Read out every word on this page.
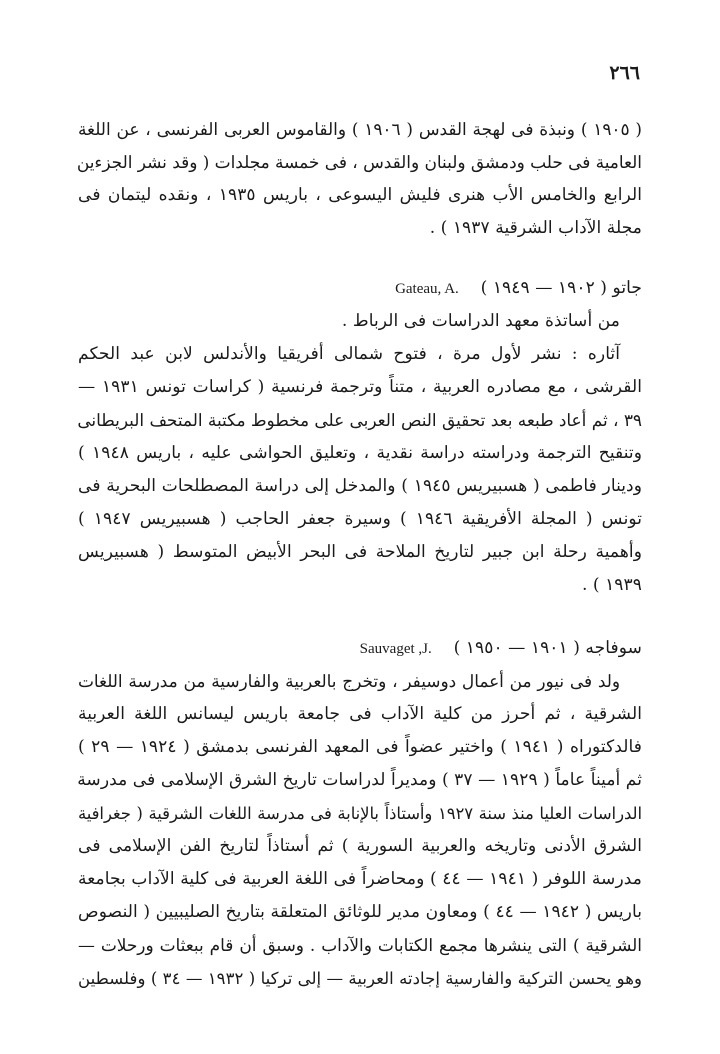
٢٦٦
( ١٩٠٥ ) ونبذة فى لهجة القدس ( ١٩٠٦ ) والقاموس العربى الفرنسى ، عن اللغة
العامية فى حلب ودمشق ولبنان والقدس ، فى خمسة مجلدات ( وقد نشر الجزءين
الرابع والخامس الأب هنرى فليش اليسوعى ، باريس ١٩٣٥ ، ونقده ليتمان فى
مجلة الآداب الشرقية ١٩٣٧ ) .
جاتو ( ١٩٠٢ — ١٩٤٩ )    Gateau, A.
من أساتذة معهد الدراسات فى الرباط .
آثاره : نشر لأول مرة ، فتوح شمالى أفريقيا والأندلس لابن عبد الحكم
القرشى ، مع مصادره العربية ، متناً وترجمة فرنسية ( كراسات تونس ١٩٣١ —
٣٩ ، ثم أعاد طبعه بعد تحقيق النص العربى على مخطوط مكتبة المتحف البريطانى
وتنقيح الترجمة ودراسته دراسة نقدية ، وتعليق الحواشى عليه ، باريس ١٩٤٨ )
ودينار فاطمى ( هسبيريس ١٩٤٥ ) والمدخل إلى دراسة المصطلحات البحرية فى
تونس ( المجلة الأفريقية ١٩٤٦ ) وسيرة جعفر الحاجب ( هسبيريس ١٩٤٧ )
وأهمية رحلة ابن جبير لتاريخ الملاحة فى البحر الأبيض المتوسط ( هسبيريس
١٩٣٩ ) .
سوفاجه ( ١٩٠١ — ١٩٥٠ )    Sauvaget ,J.
ولد فى نيور من أعمال دوسيفر ، وتخرج بالعربية والفارسية من مدرسة اللغات
الشرقية ، ثم أحرز من كلية الآداب فى جامعة باريس ليسانس اللغة العربية
فالدكتوراه ( ١٩٤١ ) واختير عضواً فى المعهد الفرنسى بدمشق ( ١٩٢٤ — ٢٩ )
ثم أميناً عاماً ( ١٩٢٩ — ٣٧ ) ومديراً لدراسات تاريخ الشرق الإسلامى فى مدرسة
الدراسات العليا منذ سنة ١٩٢٧ وأستاذاً بالإنابة فى مدرسة اللغات الشرقية ( جغرافية
الشرق الأدنى وتاريخه والعربية السورية ) ثم أستاذاً لتاريخ الفن الإسلامى فى
مدرسة اللوفر ( ١٩٤١ — ٤٤ ) ومحاضراً فى اللغة العربية فى كلية الآداب بجامعة
باريس ( ١٩٤٢ — ٤٤ ) ومعاون مدير للوثائق المتعلقة بتاريخ الصليبيين ( النصوص
الشرقية ) التى ينشرها مجمع الكتابات والآداب . وسبق أن قام ببعثات ورحلات —
وهو يحسن التركية والفارسية إجادته العربية — إلى تركيا ( ١٩٣٢ — ٣٤ ) وفلسطين
